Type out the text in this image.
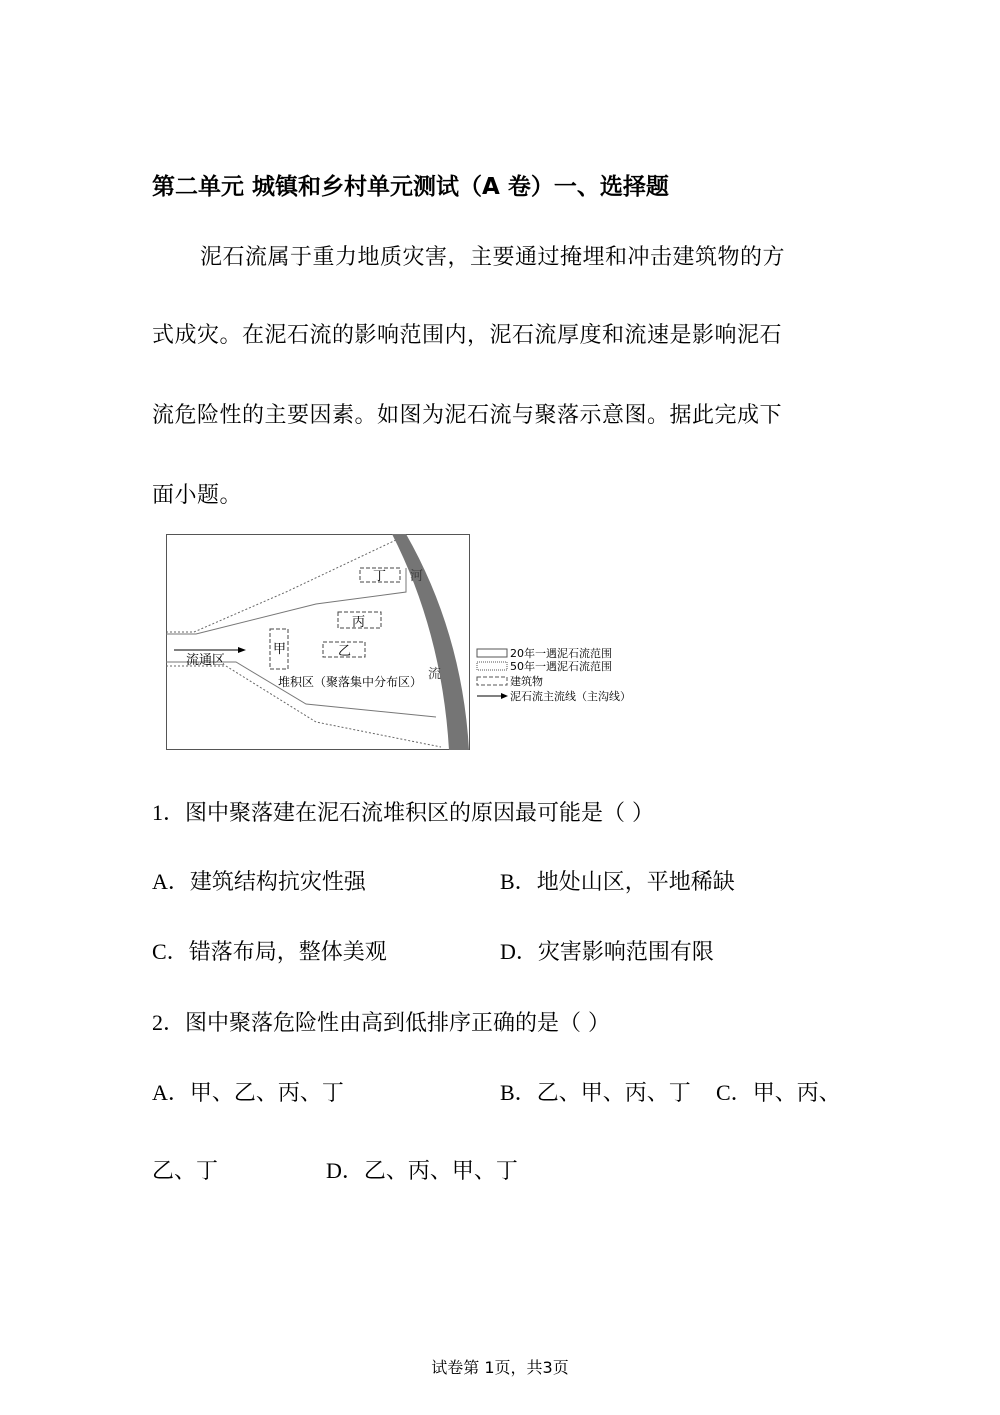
第二单元 城镇和乡村单元测试（A 卷）一、选择题
泥石流属于重力地质灾害，主要通过掩埋和冲击建筑物的方
式成灾。在泥石流的影响范围内，泥石流厚度和流速是影响泥石
流危险性的主要因素。如图为泥石流与聚落示意图。据此完成下
面小题。
河
流
甲	乙
丙
丁
流通区
堆积区（聚落集中分布区）
20年一遇泥石流范围
50年一遇泥石流范围
建筑物
泥石流主流线（主沟线）
1．图中聚落建在泥石流堆积区的原因最可能是（ ）
A．建筑结构抗灾性强	B．地处山区，平地稀缺
C．错落布局，整体美观	D．灾害影响范围有限
2．图中聚落危险性由高到低排序正确的是（ ）
A．甲、乙、丙、丁	B．乙、甲、丙、丁 C．甲、丙、
乙、丁	D．乙、丙、甲、丁
试卷第 1页，共3页
